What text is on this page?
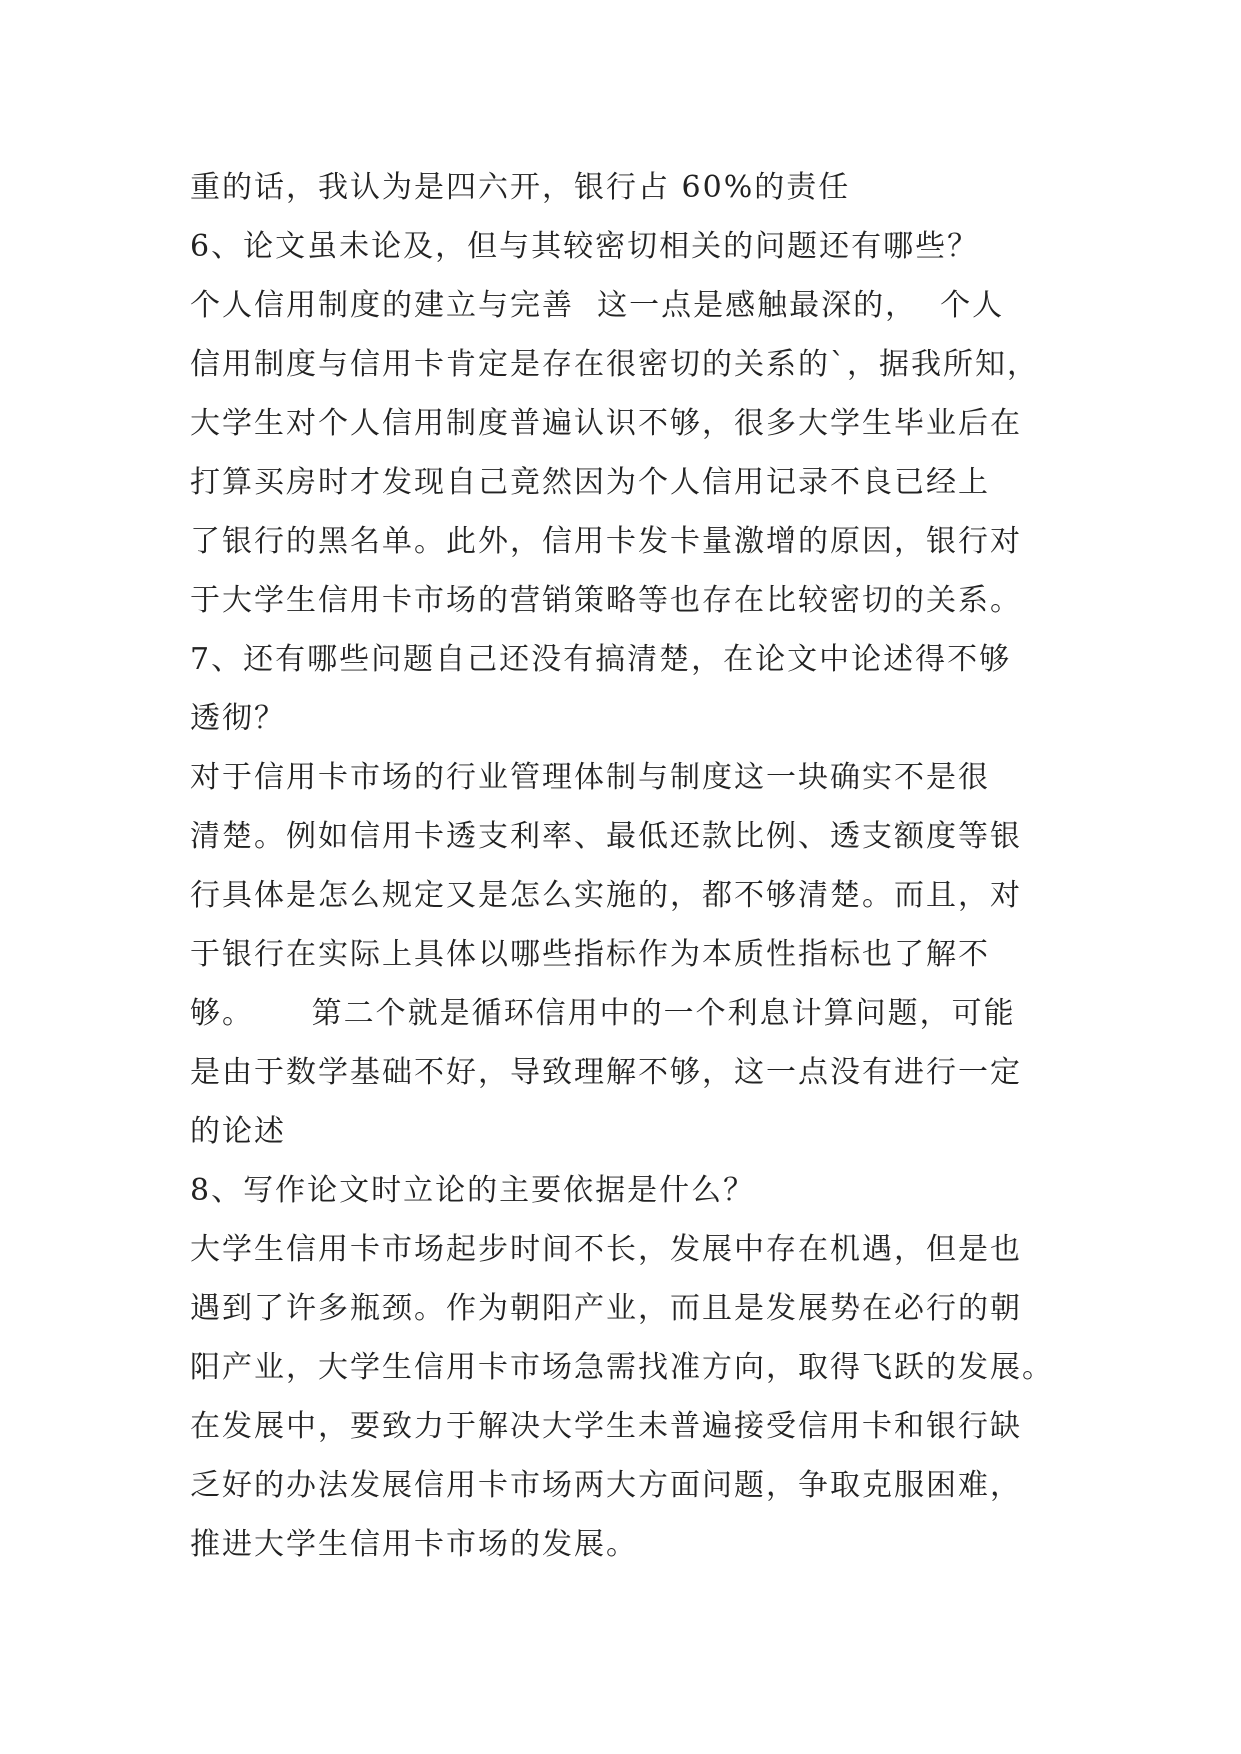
重的话，我认为是四六开，银行占 60%的责任
6、论文虽未论及，但与其较密切相关的问题还有哪些？
个人信用制度的建立与完善  这一点是感触最深的，  个人
信用制度与信用卡肯定是存在很密切的关系的`，据我所知，
大学生对个人信用制度普遍认识不够，很多大学生毕业后在
打算买房时才发现自己竟然因为个人信用记录不良已经上
了银行的黑名单。此外，信用卡发卡量激增的原因，银行对
于大学生信用卡市场的营销策略等也存在比较密切的关系。
7、还有哪些问题自己还没有搞清楚，在论文中论述得不够
透彻？
对于信用卡市场的行业管理体制与制度这一块确实不是很
清楚。例如信用卡透支利率、最低还款比例、透支额度等银
行具体是怎么规定又是怎么实施的，都不够清楚。而且，对
于银行在实际上具体以哪些指标作为本质性指标也了解不
够。     第二个就是循环信用中的一个利息计算问题，可能
是由于数学基础不好，导致理解不够，这一点没有进行一定
的论述
8、写作论文时立论的主要依据是什么？
大学生信用卡市场起步时间不长，发展中存在机遇，但是也
遇到了许多瓶颈。作为朝阳产业，而且是发展势在必行的朝
阳产业，大学生信用卡市场急需找准方向，取得飞跃的发展。
在发展中，要致力于解决大学生未普遍接受信用卡和银行缺
乏好的办法发展信用卡市场两大方面问题，争取克服困难，
推进大学生信用卡市场的发展。
